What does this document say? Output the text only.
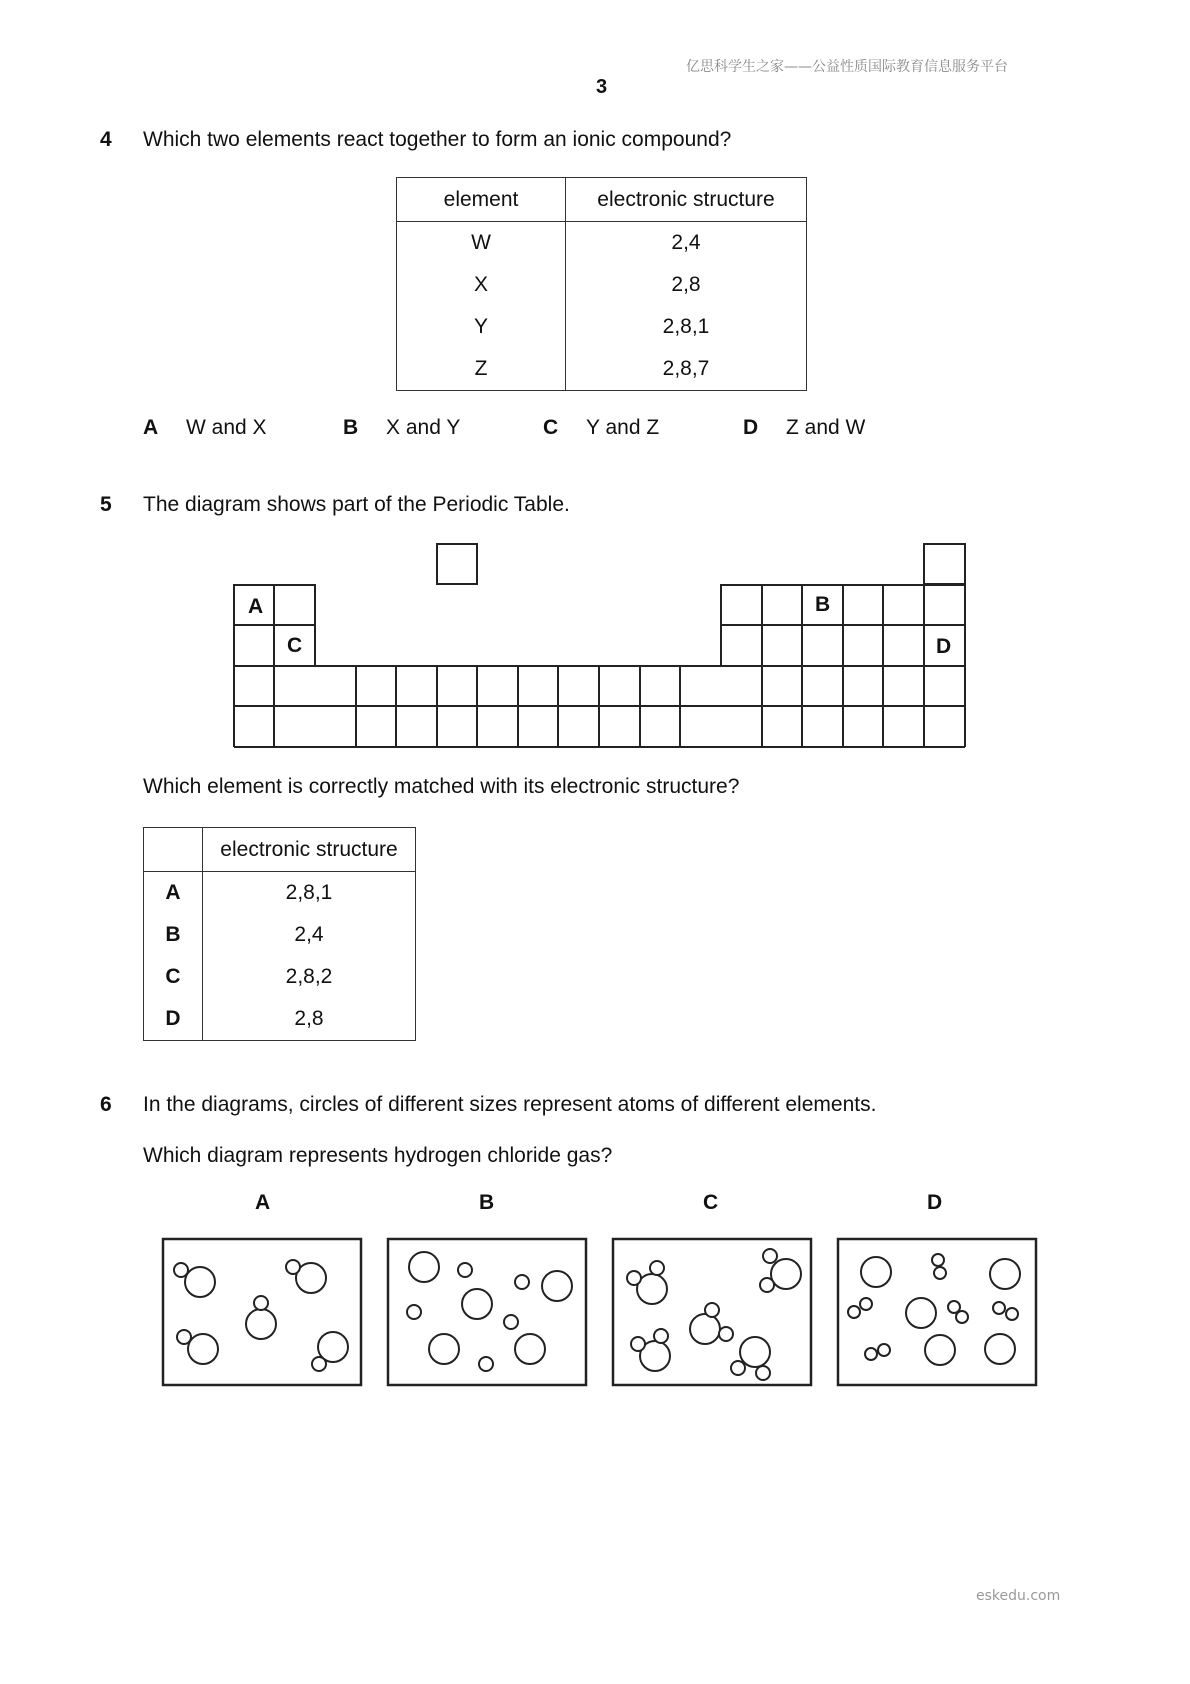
亿思科学生之家——公益性质国际教育信息服务平台
3
4 Which two elements react together to form an ionic compound?
element	electronic structure
W	2,4
X	2,8
Y	2,8,1
Z	2,8,7
A W and X	B X and Y	C Y and Z	D Z and W
5 The diagram shows part of the Periodic Table.
A	B
C	D
Which element is correctly matched with its electronic structure?
	electronic structure
A	2,8,1
B	2,4
C	2,8,2
D	2,8
6 In the diagrams, circles of different sizes represent atoms of different elements.
Which diagram represents hydrogen chloride gas?
A	B	C	D
eskedu.com
